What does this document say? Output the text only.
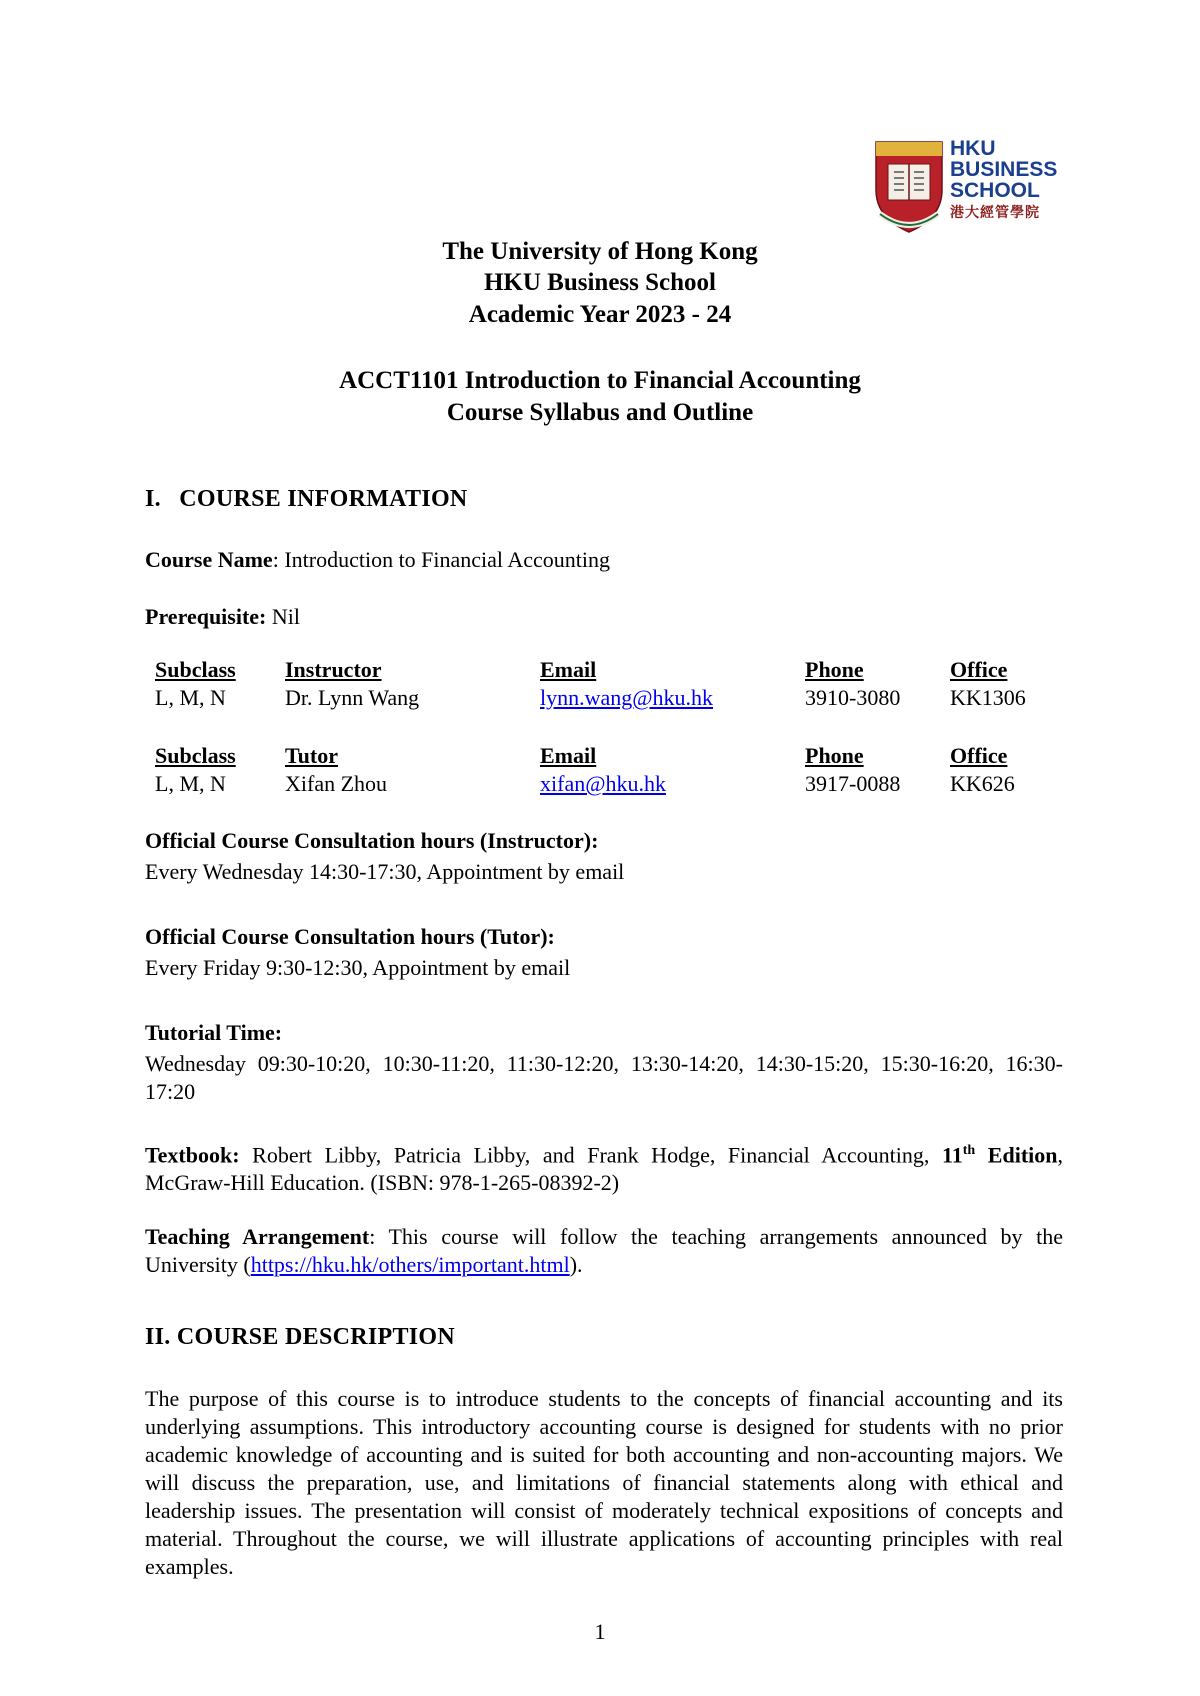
HKU
BUSINESS
SCHOOL
港大經管學院
The University of Hong Kong
HKU Business School
Academic Year 2023 - 24
ACCT1101 Introduction to Financial Accounting
Course Syllabus and Outline
I. COURSE INFORMATION
Course Name: Introduction to Financial Accounting
Prerequisite: Nil
Subclass Instructor	Email	Phone	Office
L, M, N	Dr. Lynn Wang	lynn.wang@hku.hk	3910-3080 KK1306
Subclass Tutor	Email	Phone	Office
L, M, N	Xifan Zhou	xifan@hku.hk	3917-0088 KK626
Official Course Consultation hours (Instructor):
Every Wednesday 14:30-17:30, Appointment by email
Official Course Consultation hours (Tutor):
Every Friday 9:30-12:30, Appointment by email
Tutorial Time:
Wednesday 09:30-10:20, 10:30-11:20, 11:30-12:20, 13:30-14:20, 14:30-15:20, 15:30-16:20, 16:30-17:20
Textbook: Robert Libby, Patricia Libby, and Frank Hodge, Financial Accounting, 11th Edition, McGraw-Hill Education. (ISBN: 978-1-265-08392-2)
Teaching Arrangement: This course will follow the teaching arrangements announced by the University (https://hku.hk/others/important.html).
II. COURSE DESCRIPTION
The purpose of this course is to introduce students to the concepts of financial accounting and its underlying assumptions. This introductory accounting course is designed for students with no prior academic knowledge of accounting and is suited for both accounting and non-accounting majors. We will discuss the preparation, use, and limitations of financial statements along with ethical and leadership issues. The presentation will consist of moderately technical expositions of concepts and material. Throughout the course, we will illustrate applications of accounting principles with real examples.
1
